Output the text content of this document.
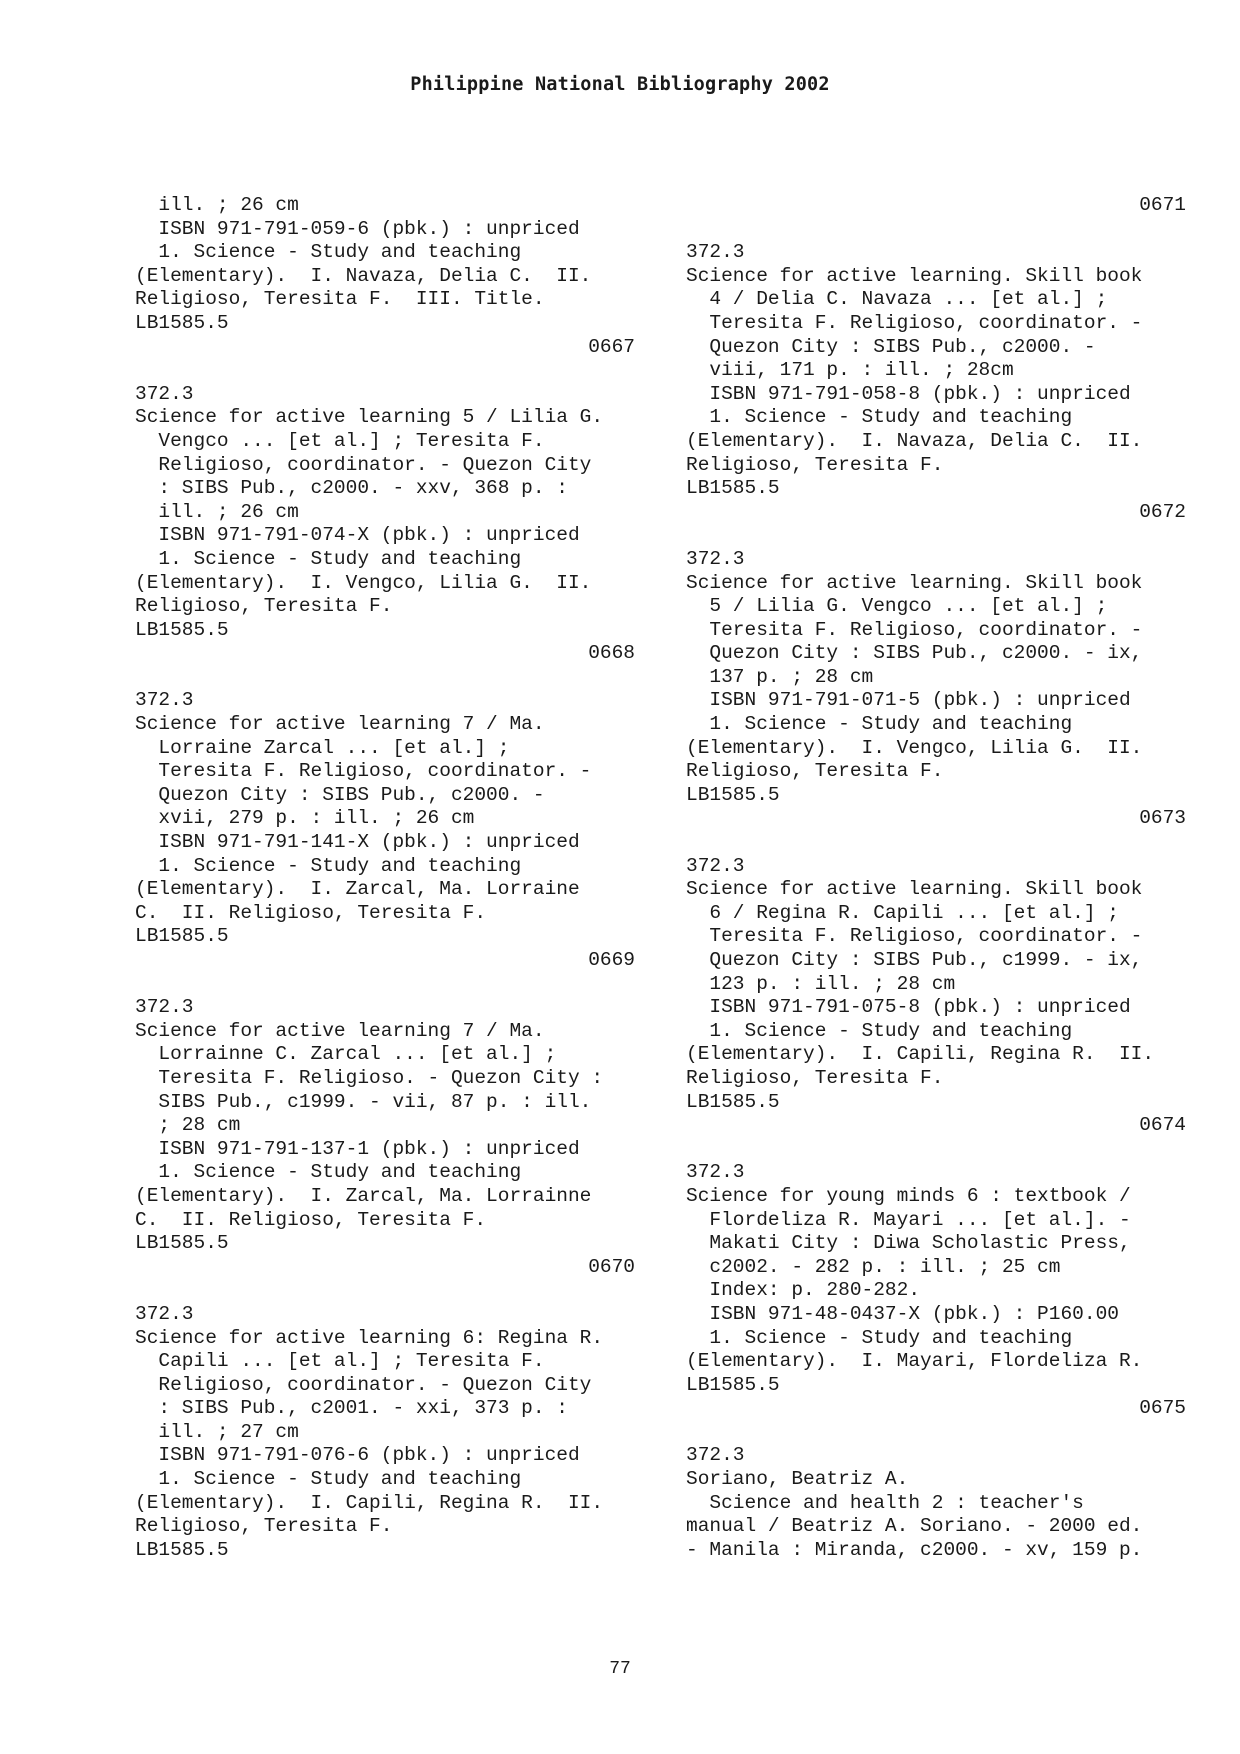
Philippine National Bibliography 2002
ill. ; 26 cm
ISBN 971-791-059-6 (pbk.) : unpriced
1. Science - Study and teaching
(Elementary).  I. Navaza, Delia C.  II.
Religioso, Teresita F.  III. Title.
LB1585.5
0667
372.3
Science for active learning 5 / Lilia G.
Vengco ... [et al.] ; Teresita F.
Religioso, coordinator. - Quezon City
: SIBS Pub., c2000. - xxv, 368 p. :
ill. ; 26 cm
ISBN 971-791-074-X (pbk.) : unpriced
1. Science - Study and teaching
(Elementary).  I. Vengco, Lilia G.  II.
Religioso, Teresita F.
LB1585.5
0668
372.3
Science for active learning 7 / Ma.
Lorraine Zarcal ... [et al.] ;
Teresita F. Religioso, coordinator. -
Quezon City : SIBS Pub., c2000. -
xvii, 279 p. : ill. ; 26 cm
ISBN 971-791-141-X (pbk.) : unpriced
1. Science - Study and teaching
(Elementary).  I. Zarcal, Ma. Lorraine
C.  II. Religioso, Teresita F.
LB1585.5
0669
372.3
Science for active learning 7 / Ma.
Lorrainne C. Zarcal ... [et al.] ;
Teresita F. Religioso. - Quezon City :
SIBS Pub., c1999. - vii, 87 p. : ill.
; 28 cm
ISBN 971-791-137-1 (pbk.) : unpriced
1. Science - Study and teaching
(Elementary).  I. Zarcal, Ma. Lorrainne
C.  II. Religioso, Teresita F.
LB1585.5
0670
372.3
Science for active learning 6: Regina R.
Capili ... [et al.] ; Teresita F.
Religioso, coordinator. - Quezon City
: SIBS Pub., c2001. - xxi, 373 p. :
ill. ; 27 cm
ISBN 971-791-076-6 (pbk.) : unpriced
1. Science - Study and teaching
(Elementary).  I. Capili, Regina R.  II.
Religioso, Teresita F.
LB1585.5
0671
372.3
Science for active learning. Skill book
4 / Delia C. Navaza ... [et al.] ;
Teresita F. Religioso, coordinator. -
Quezon City : SIBS Pub., c2000. -
viii, 171 p. : ill. ; 28cm
ISBN 971-791-058-8 (pbk.) : unpriced
1. Science - Study and teaching
(Elementary).  I. Navaza, Delia C.  II.
Religioso, Teresita F.
LB1585.5
0672
372.3
Science for active learning. Skill book
5 / Lilia G. Vengco ... [et al.] ;
Teresita F. Religioso, coordinator. -
Quezon City : SIBS Pub., c2000. - ix,
137 p. ; 28 cm
ISBN 971-791-071-5 (pbk.) : unpriced
1. Science - Study and teaching
(Elementary).  I. Vengco, Lilia G.  II.
Religioso, Teresita F.
LB1585.5
0673
372.3
Science for active learning. Skill book
6 / Regina R. Capili ... [et al.] ;
Teresita F. Religioso, coordinator. -
Quezon City : SIBS Pub., c1999. - ix,
123 p. : ill. ; 28 cm
ISBN 971-791-075-8 (pbk.) : unpriced
1. Science - Study and teaching
(Elementary).  I. Capili, Regina R.  II.
Religioso, Teresita F.
LB1585.5
0674
372.3
Science for young minds 6 : textbook /
Flordeliza R. Mayari ... [et al.]. -
Makati City : Diwa Scholastic Press,
c2002. - 282 p. : ill. ; 25 cm
Index: p. 280-282.
ISBN 971-48-0437-X (pbk.) : P160.00
1. Science - Study and teaching
(Elementary).  I. Mayari, Flordeliza R.
LB1585.5
0675
372.3
Soriano, Beatriz A.
Science and health 2 : teacher's
manual / Beatriz A. Soriano. - 2000 ed.
- Manila : Miranda, c2000. - xv, 159 p.
77
